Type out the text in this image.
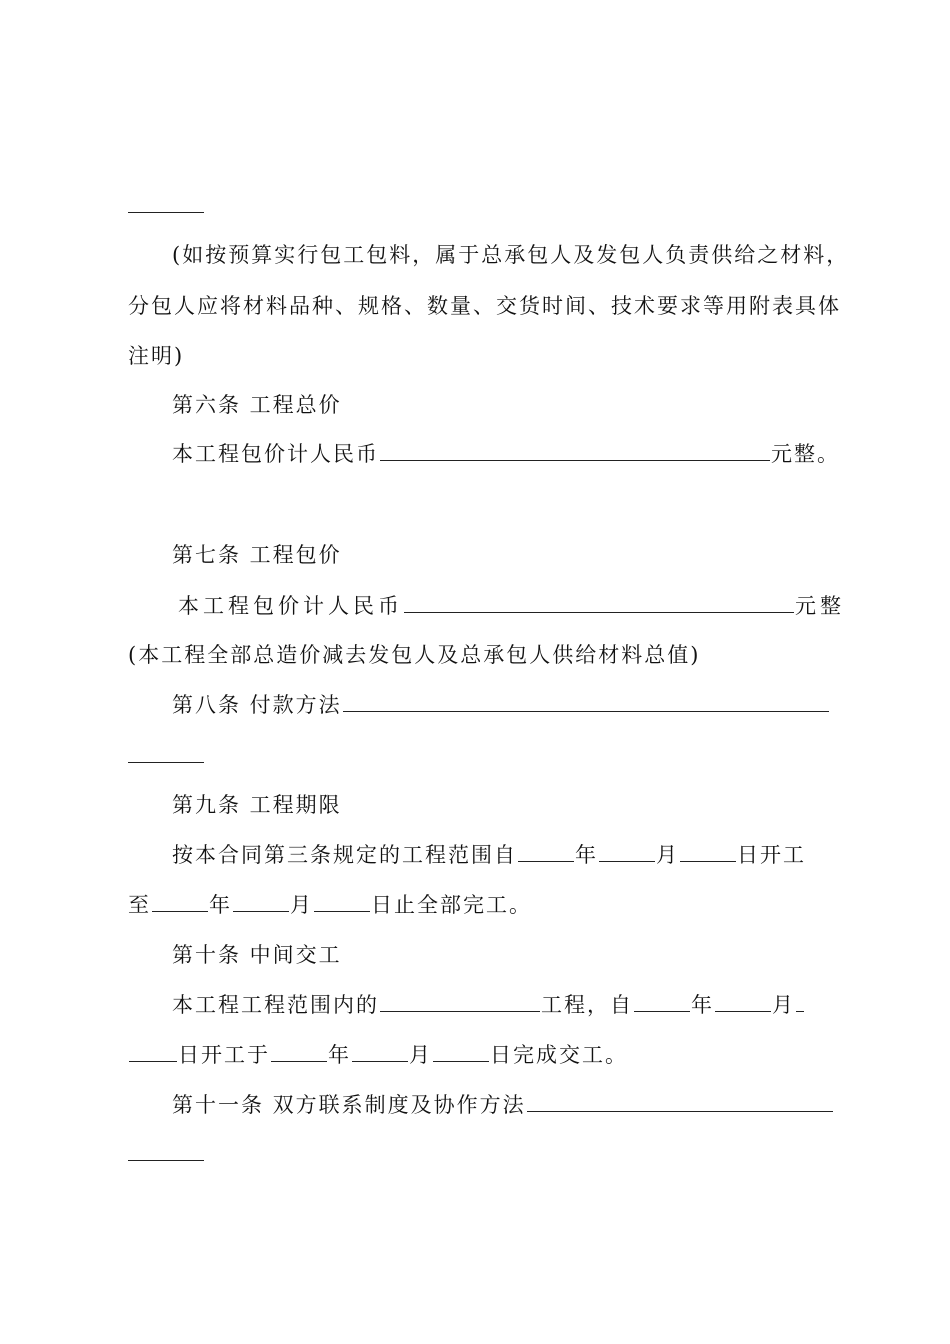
(如按预算实行包工包料，属于总承包人及发包人负责供给之材料，
分包人应将材料品种、规格、数量、交货时间、技术要求等用附表具体
注明)
第六条 工程总价
本工程包价计人民币	元整。
第七条 工程包价
本工程包价计人民币	元整
(本工程全部总造价减去发包人及总承包人供给材料总值)
第八条 付款方法
第九条 工程期限
按本合同第三条规定的工程范围自	年	月	日开工
至	年	月	日止全部完工。
第十条 中间交工
本工程工程范围内的	工程，自	年	月
日开工于	年	月	日完成交工。
第十一条 双方联系制度及协作方法
